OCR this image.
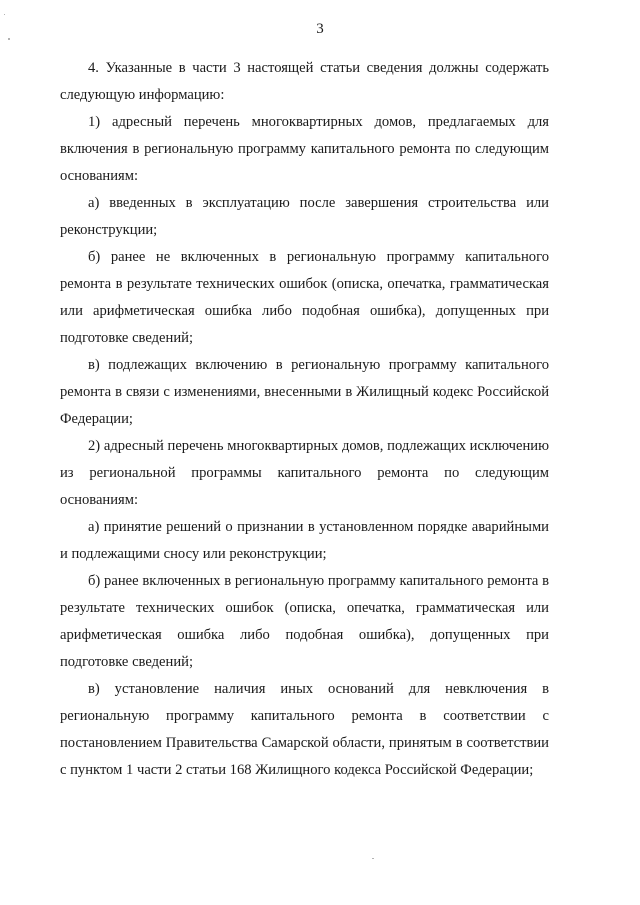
3

4. Указанные в части 3 настоящей статьи сведения должны содержать следующую информацию:

1) адресный перечень многоквартирных домов, предлагаемых для включения в региональную программу капитального ремонта по следующим основаниям:

а) введенных в эксплуатацию после завершения строительства или реконструкции;

б) ранее не включенных в региональную программу капитального ремонта в результате технических ошибок (описка, опечатка, грамматическая или арифметическая ошибка либо подобная ошибка), допущенных при подготовке сведений;

в) подлежащих включению в региональную программу капитального ремонта в связи с изменениями, внесенными в Жилищный кодекс Российской Федерации;

2) адресный перечень многоквартирных домов, подлежащих исключению из региональной программы капитального ремонта по следующим основаниям:

а) принятие решений о признании в установленном порядке аварийными и подлежащими сносу или реконструкции;

б) ранее включенных в региональную программу капитального ремонта в результате технических ошибок (описка, опечатка, грамматическая или арифметическая ошибка либо подобная ошибка), допущенных при подготовке сведений;

в) установление наличия иных оснований для невключения в региональную программу капитального ремонта в соответствии с постановлением Правительства Самарской области, принятым в соответствии с пунктом 1 части 2 статьи 168 Жилищного кодекса Российской Федерации;
